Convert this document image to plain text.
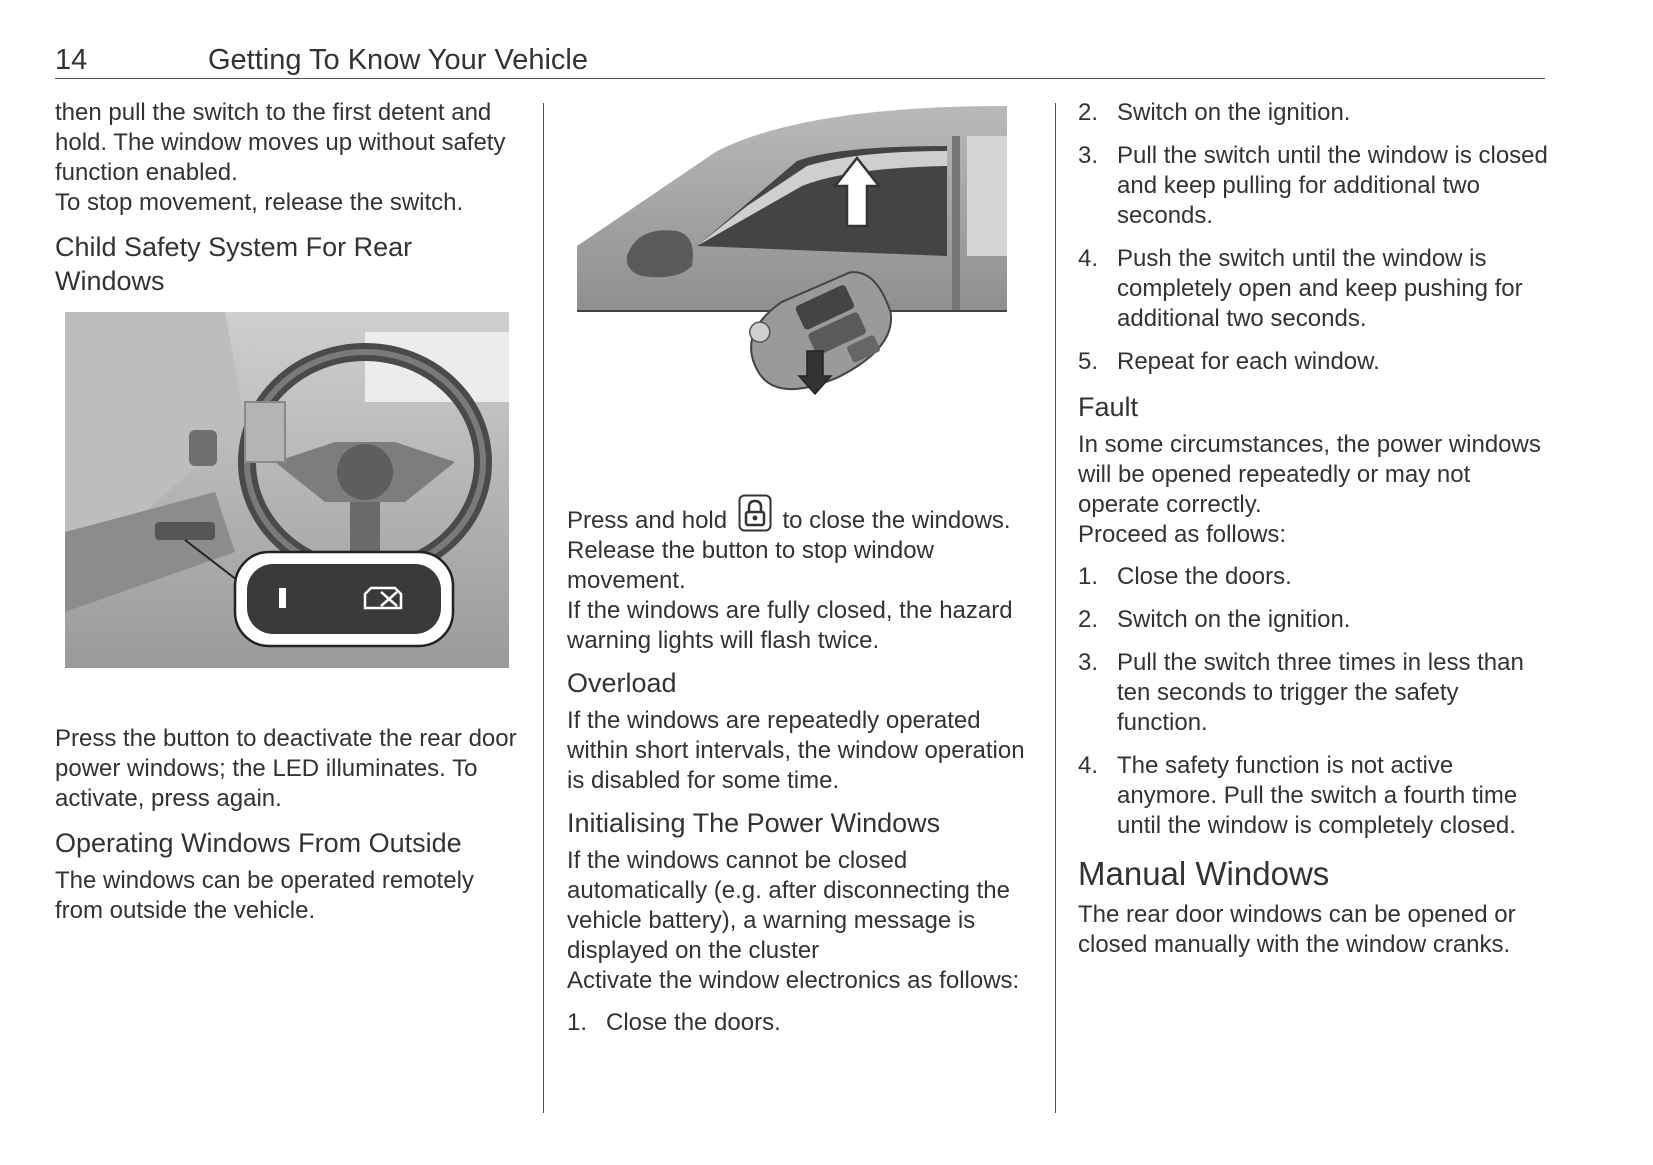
14	Getting To Know Your Vehicle

then pull the switch to the first detent and hold. The window moves up without safety function enabled.

To stop movement, release the switch.

Child Safety System For Rear Windows

Press the button to deactivate the rear door power windows; the LED illuminates. To activate, press again.

Operating Windows From Outside

The windows can be operated remotely from outside the vehicle.

Press and hold to close the windows.

Release the button to stop window movement.

If the windows are fully closed, the hazard warning lights will flash twice.

Overload

If the windows are repeatedly operated within short intervals, the window operation is disabled for some time.

Initialising The Power Windows

If the windows cannot be closed automatically (e.g. after disconnecting the vehicle battery), a warning message is displayed on the cluster

Activate the window electronics as follows:

1. Close the doors.
2. Switch on the ignition.
3. Pull the switch until the window is closed and keep pulling for additional two seconds.
4. Push the switch until the window is completely open and keep pushing for additional two seconds.
5. Repeat for each window.
Fault

In some circumstances, the power windows will be opened repeatedly or may not operate correctly.

Proceed as follows:

1. Close the doors.
2. Switch on the ignition.
3. Pull the switch three times in less than ten seconds to trigger the safety function.
4. The safety function is not active anymore. Pull the switch a fourth time until the window is completely closed.
Manual Windows

The rear door windows can be opened or closed manually with the window cranks.
